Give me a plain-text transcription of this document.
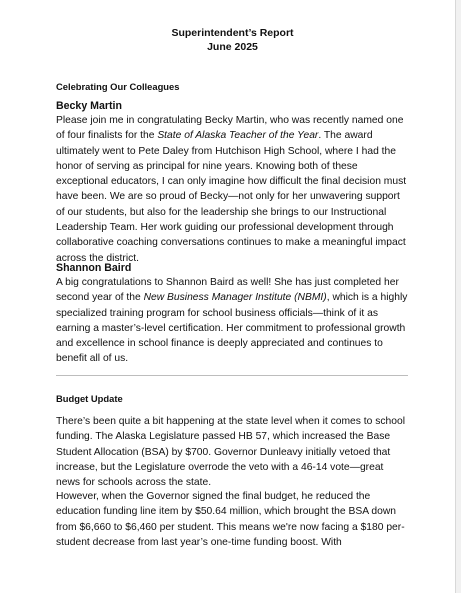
Superintendent’s Report
June 2025
Celebrating Our Colleagues
Becky Martin
Please join me in congratulating Becky Martin, who was recently named one of four finalists for the State of Alaska Teacher of the Year. The award ultimately went to Pete Daley from Hutchison High School, where I had the honor of serving as principal for nine years. Knowing both of these exceptional educators, I can only imagine how difficult the final decision must have been. We are so proud of Becky—not only for her unwavering support of our students, but also for the leadership she brings to our Instructional Leadership Team. Her work guiding our professional development through collaborative coaching conversations continues to make a meaningful impact across the district.
Shannon Baird
A big congratulations to Shannon Baird as well! She has just completed her second year of the New Business Manager Institute (NBMI), which is a highly specialized training program for school business officials—think of it as earning a master’s-level certification. Her commitment to professional growth and excellence in school finance is deeply appreciated and continues to benefit all of us.
Budget Update
There’s been quite a bit happening at the state level when it comes to school funding. The Alaska Legislature passed HB 57, which increased the Base Student Allocation (BSA) by $700. Governor Dunleavy initially vetoed that increase, but the Legislature overrode the veto with a 46-14 vote—great news for schools across the state.
However, when the Governor signed the final budget, he reduced the education funding line item by $50.64 million, which brought the BSA down from $6,660 to $6,460 per student. This means we're now facing a $180 per-student decrease from last year’s one-time funding boost. With
